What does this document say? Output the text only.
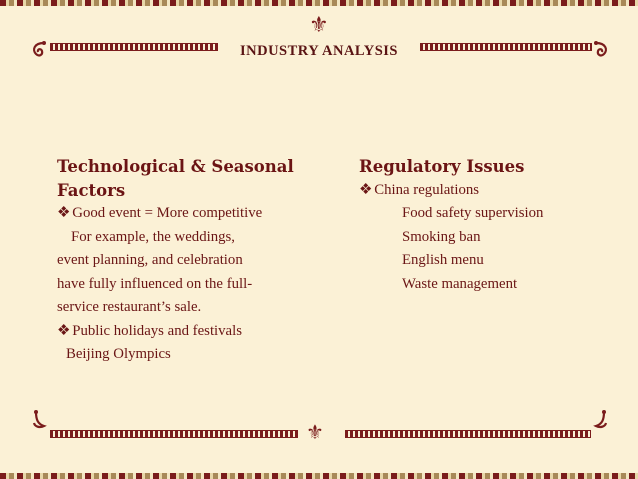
⚜
INDUSTRY ANALYSIS
Technological & Seasonal
Factors
❖ Good event = More competitive
For example, the weddings,
event planning, and celebration
have fully influenced on the full-
service restaurant’s sale.
❖ Public holidays and festivals
Beijing Olympics
Regulatory Issues
❖ China regulations
Food safety supervision
Smoking ban
English menu
Waste management
⚜
